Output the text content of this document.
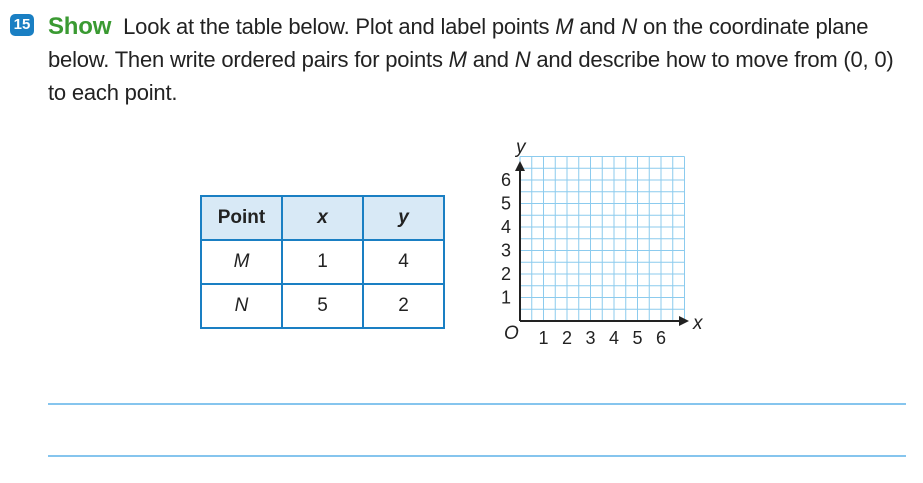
15 Show Look at the table below. Plot and label points M and N on the coordinate plane below. Then write ordered pairs for points M and N and describe how to move from (0, 0) to each point.
Point	x	y
M	1	4
N	5	2
x
y
O 1 2 3 4 5 6
1
2
3
4
5
6
